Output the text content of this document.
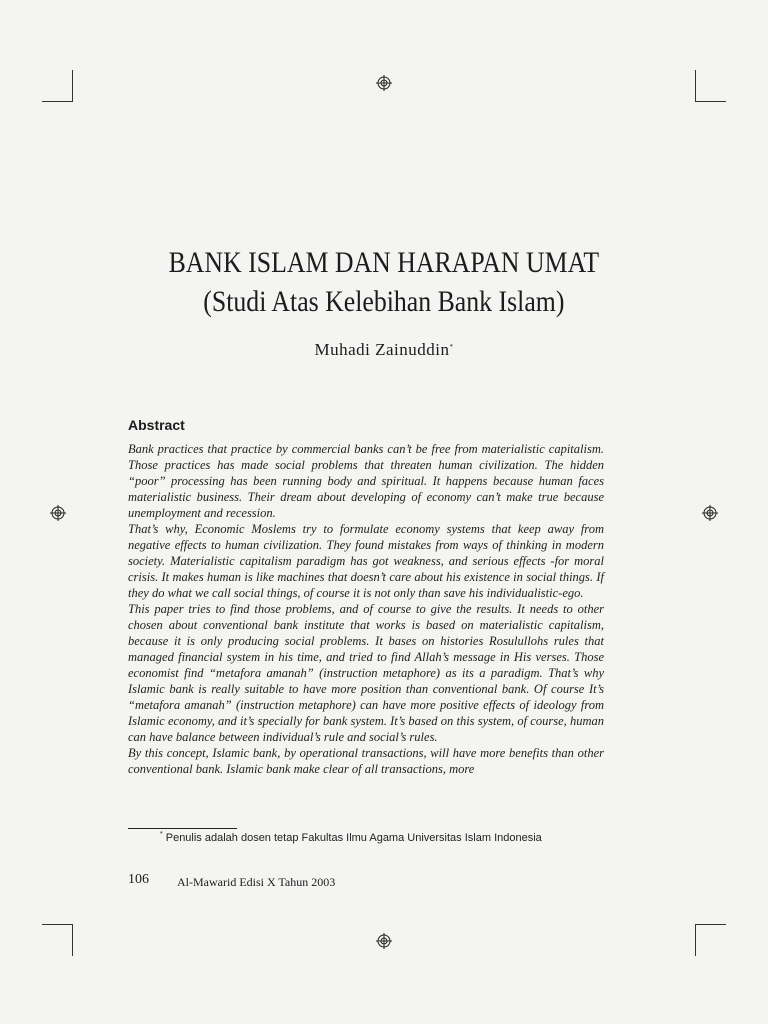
BANK ISLAM DAN HARAPAN UMAT
(Studi Atas Kelebihan Bank Islam)
Muhadi Zainuddin*
Abstract

Bank practices that practice by commercial banks can’t be free from materialistic capitalism. Those practices has made social problems that threaten human civilization. The hidden “poor” processing has been running body and spiritual. It happens because human faces materialistic business. Their dream about developing of economy can’t make true because unemployment and recession.

That’s why, Economic Moslems try to formulate economy systems that keep away from negative effects to human civilization. They found mistakes from ways of thinking in modern society. Materialistic capitalism paradigm has got weakness, and serious effects -for moral crisis. It makes human is like machines that doesn’t care about his existence in social things. If they do what we call social things, of course it is not only than save his individualistic-ego.

This paper tries to find those problems, and of course to give the results. It needs to other chosen about conventional bank institute that works is based on materialistic capitalism, because it is only producing social problems. It bases on histories Rosulullohs rules that managed financial system in his time, and tried to find Allah’s message in His verses. Those economist find “metafora amanah” (instruction metaphore) as its a paradigm. That’s why Islamic bank is really suitable to have more position than conventional bank. Of course It’s “metafora amanah” (instruction metaphore) can have more positive effects of ideology from Islamic economy, and it’s specially for bank system. It’s based on this system, of course, human can have balance between individual’s rule and social’s rules.

By this concept, Islamic bank, by operational transactions, will have more benefits than other conventional bank. Islamic bank make clear of all transactions, more

* Penulis adalah dosen tetap Fakultas Ilmu Agama Universitas Islam Indonesia
106 Al-Mawarid Edisi X Tahun 2003
